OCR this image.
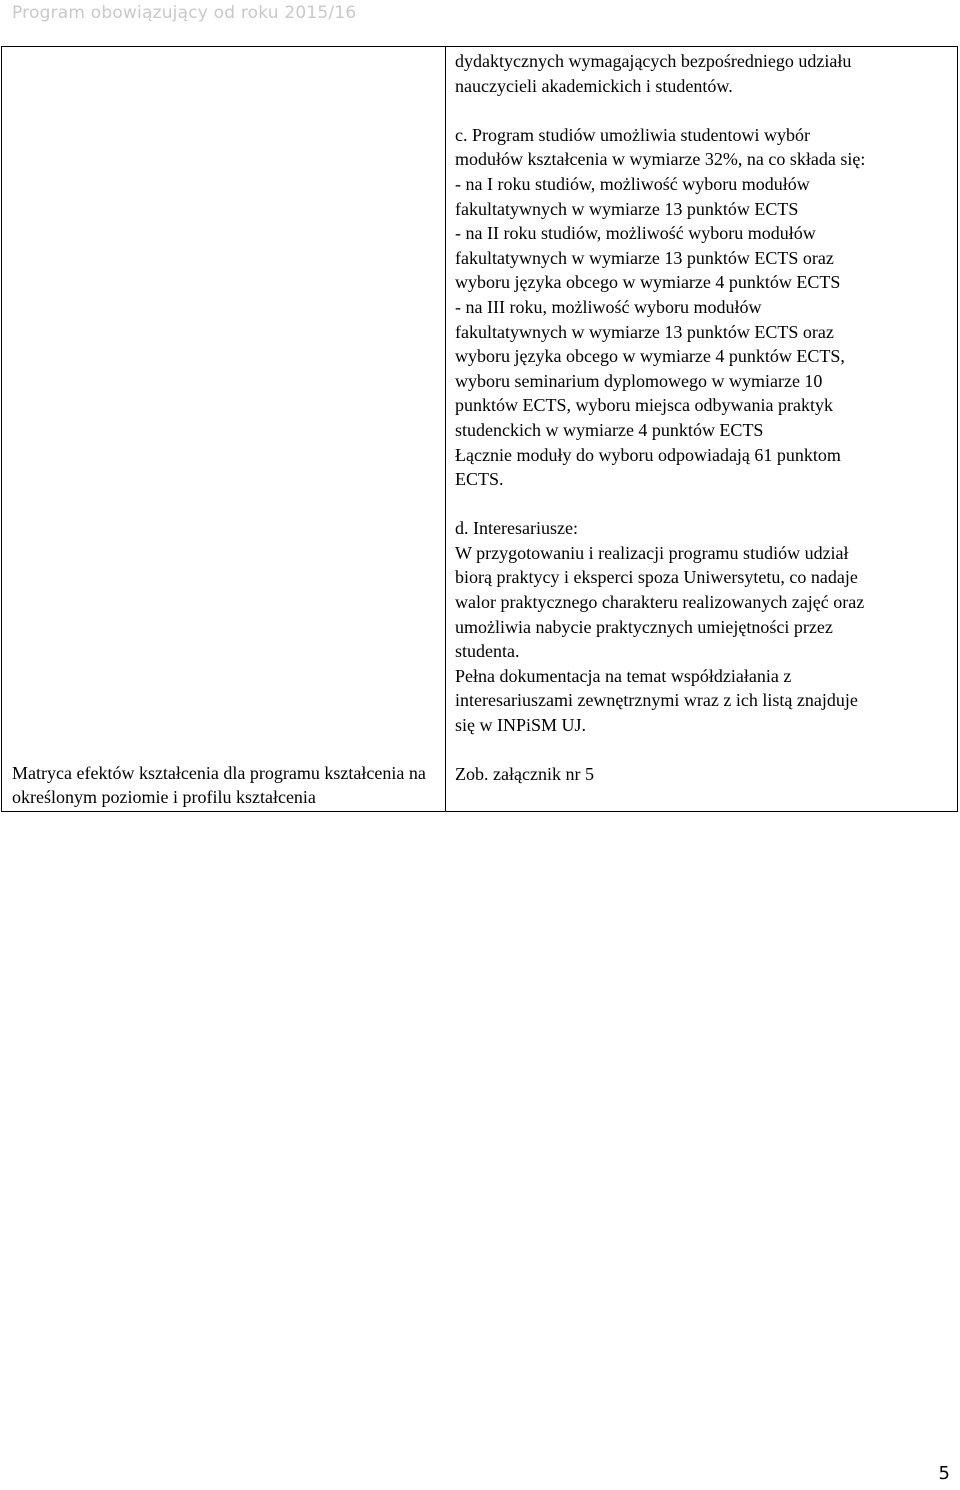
Program obowiązujący od roku 2015/16
Matryca efektów kształcenia dla programu kształcenia na określonym poziomie i profilu kształcenia

dydaktycznych wymagających bezpośredniego udziału

nauczycieli akademickich i studentów.

c. Program studiów umożliwia studentowi wybór

modułów kształcenia w wymiarze 32%, na co składa się:

- na I roku studiów, możliwość wyboru modułów

fakultatywnych w wymiarze 13 punktów ECTS

- na II roku studiów, możliwość wyboru modułów

fakultatywnych w wymiarze 13 punktów ECTS oraz

wyboru języka obcego w wymiarze 4 punktów ECTS

- na III roku, możliwość wyboru modułów

fakultatywnych w wymiarze 13 punktów ECTS oraz

wyboru języka obcego w wymiarze 4 punktów ECTS,

wyboru seminarium dyplomowego w wymiarze 10

punktów ECTS, wyboru miejsca odbywania praktyk

studenckich w wymiarze 4 punktów ECTS

Łącznie moduły do wyboru odpowiadają 61 punktom

ECTS.

d. Interesariusze:

W przygotowaniu i realizacji programu studiów udział

biorą praktycy i eksperci spoza Uniwersytetu, co nadaje

walor praktycznego charakteru realizowanych zajęć oraz

umożliwia nabycie praktycznych umiejętności przez

studenta.

Pełna dokumentacja na temat współdziałania z

interesariuszami zewnętrznymi wraz z ich listą znajduje

się w INPiSM UJ.

Zob. załącznik nr 5

5
